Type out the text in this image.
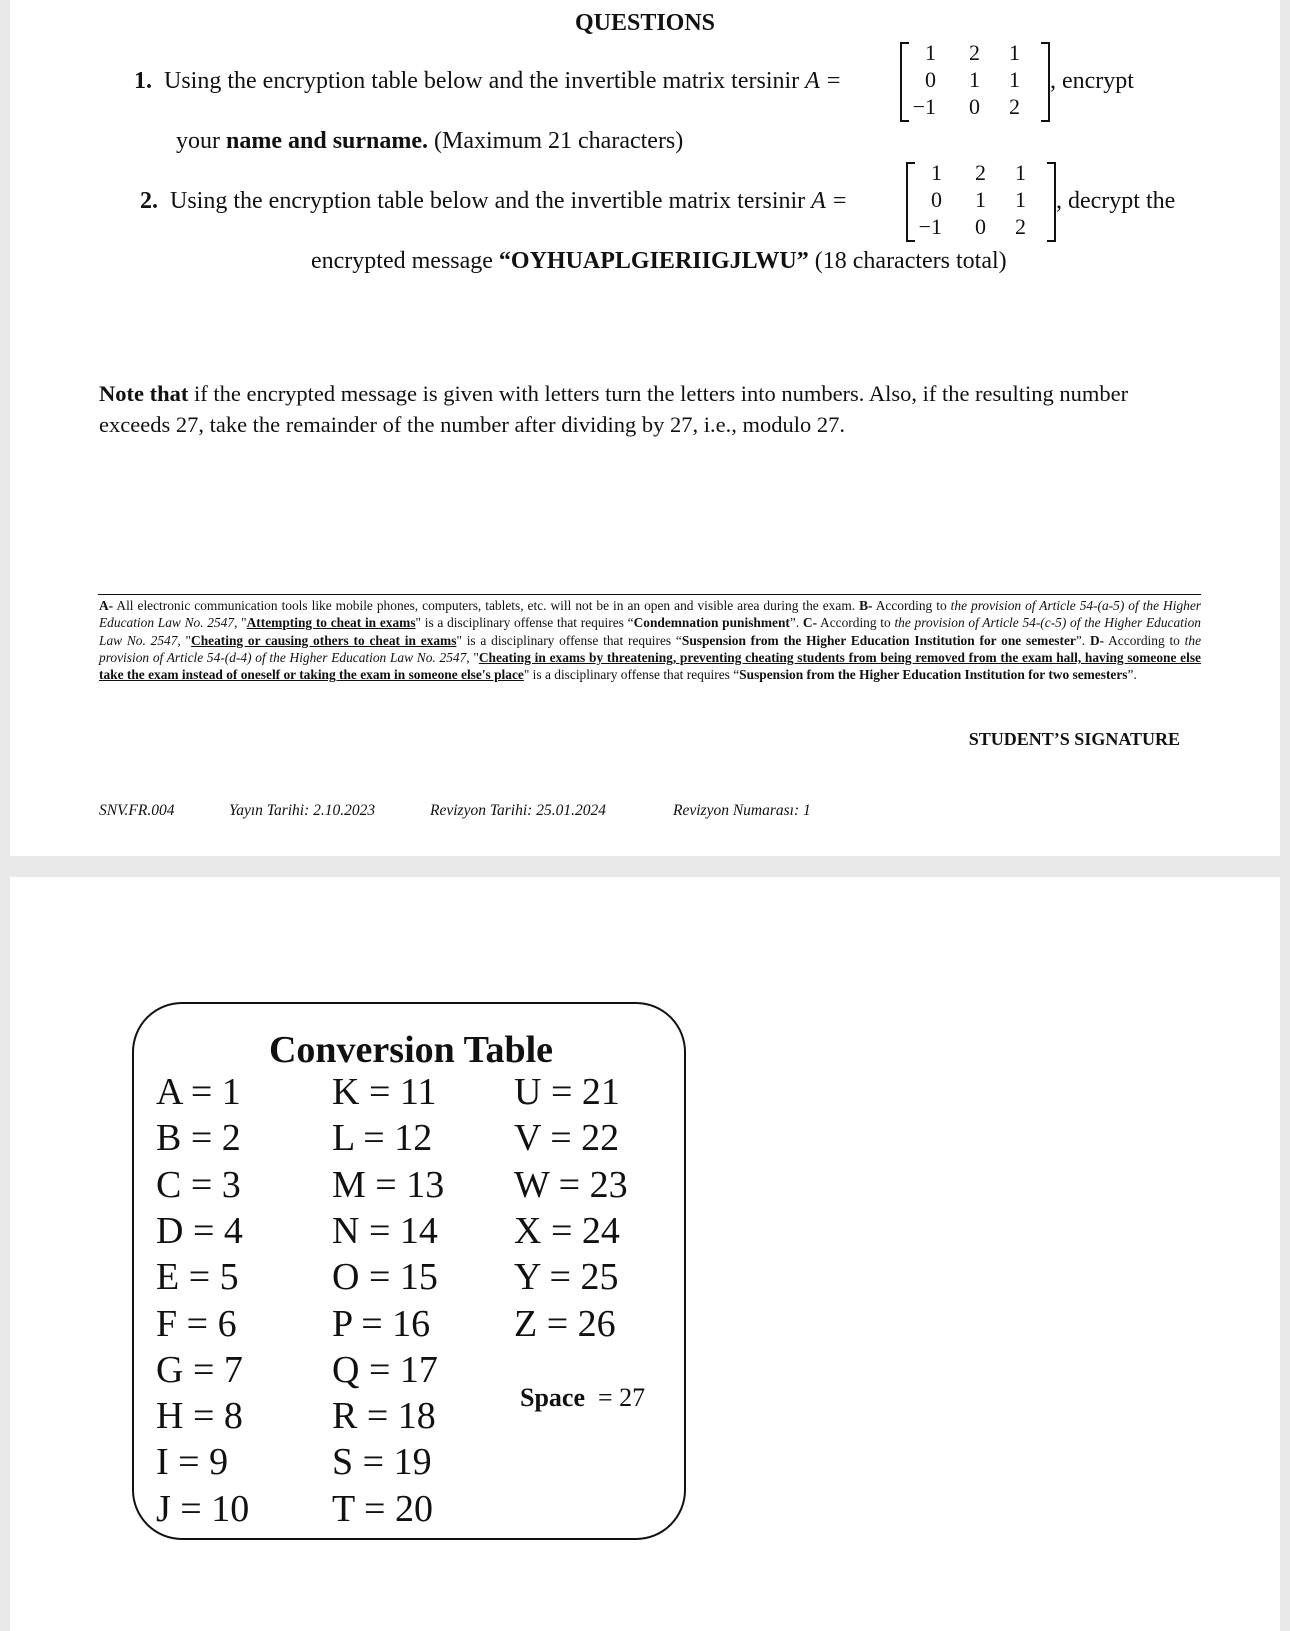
QUESTIONS
1. Using the encryption table below and the invertible matrix tersinir A =
1	2	1
0	1	1
−1	0	2
, encrypt
your name and surname. (Maximum 21 characters)
2. Using the encryption table below and the invertible matrix tersinir A =
1	2	1
0	1	1
−1	0	2
, decrypt the
encrypted message “OYHUAPLGIERIIGJLWU” (18 characters total)
Note that if the encrypted message is given with letters turn the letters into numbers. Also, if the resulting number exceeds 27, take the remainder of the number after dividing by 27, i.e., modulo 27.
A- All electronic communication tools like mobile phones, computers, tablets, etc. will not be in an open and visible area during the exam. B- According to the provision of Article 54-(a-5) of the Higher Education Law No. 2547, "Attempting to cheat in exams" is a disciplinary offense that requires “Condemnation punishment”. C- According to the provision of Article 54-(c-5) of the Higher Education Law No. 2547, "Cheating or causing others to cheat in exams" is a disciplinary offense that requires “Suspension from the Higher Education Institution for one semester”. D- According to the provision of Article 54-(d-4) of the Higher Education Law No. 2547, "Cheating in exams by threatening, preventing cheating students from being removed from the exam hall, having someone else take the exam instead of oneself or taking the exam in someone else's place" is a disciplinary offense that requires “Suspension from the Higher Education Institution for two semesters”.
STUDENT’S SIGNATURE
SNV.FR.004	Yayın Tarihi: 2.10.2023	Revizyon Tarihi: 25.01.2024	Revizyon Numarası: 1
Conversion Table
Space = 27
A = 1
B = 2
C = 3
D = 4
E = 5
F = 6
G = 7
H = 8
I = 9
J = 10
K = 11
L = 12
M = 13
N = 14
O = 15
P = 16
Q = 17
R = 18
S = 19
T = 20
U = 21
V = 22
W = 23
X = 24
Y = 25
Z = 26
